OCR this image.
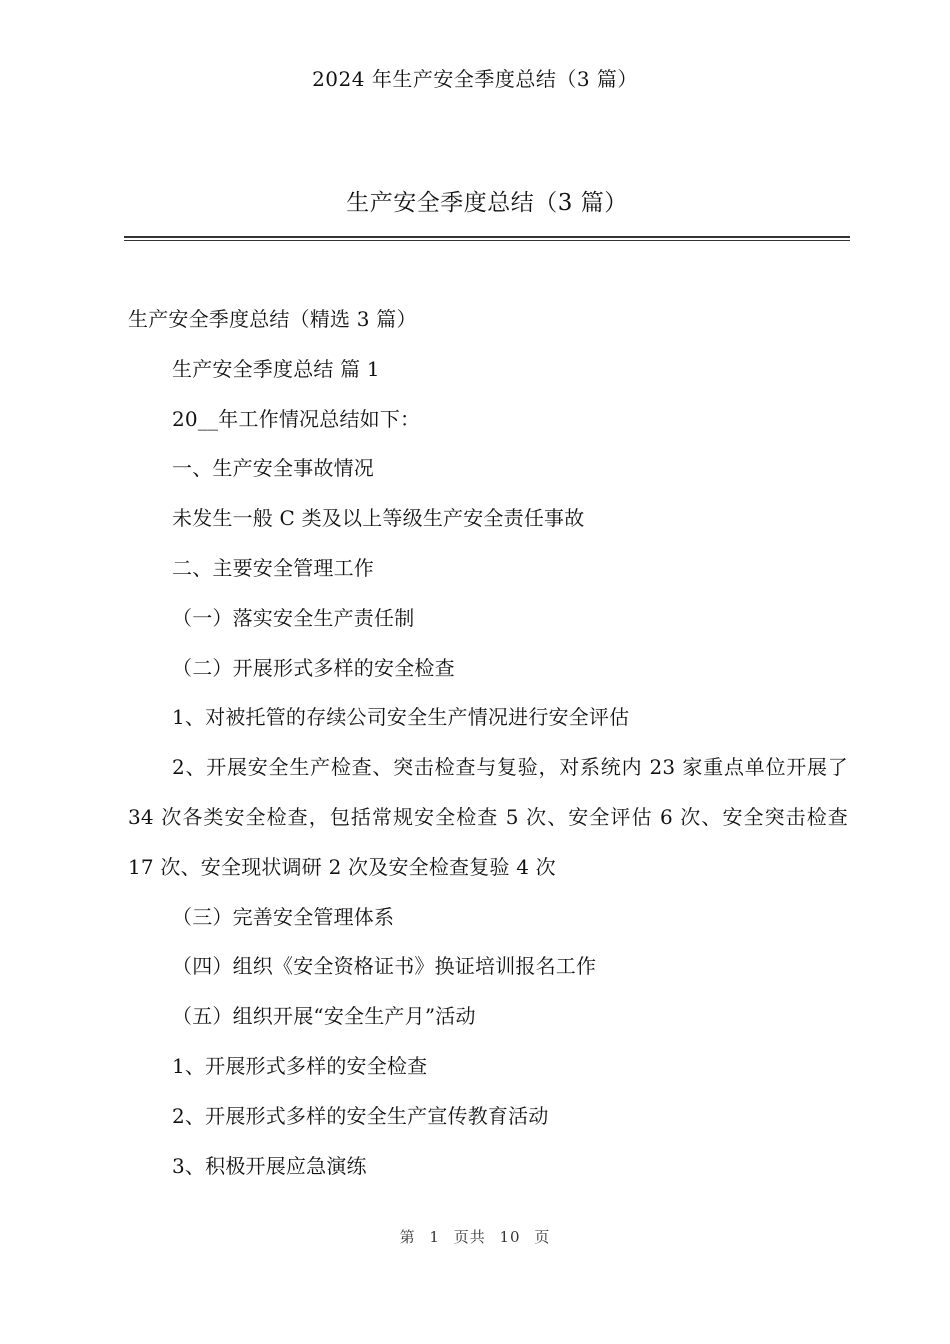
2024 年生产安全季度总结（3 篇）
生产安全季度总结（3 篇）

生产安全季度总结（精选 3 篇）

生产安全季度总结 篇 1

20__年工作情况总结如下：

一、生产安全事故情况

未发生一般 C 类及以上等级生产安全责任事故

二、主要安全管理工作

（一）落实安全生产责任制

（二）开展形式多样的安全检查

1、对被托管的存续公司安全生产情况进行安全评估

2、开展安全生产检查、突击检查与复验，对系统内 23 家重点单位开展了 34 次各类安全检查，包括常规安全检查 5 次、安全评估 6 次、安全突击检查 17 次、安全现状调研 2 次及安全检查复验 4 次

（三）完善安全管理体系

（四）组织《安全资格证书》换证培训报名工作

（五）组织开展“安全生产月”活动

1、开展形式多样的安全检查

2、开展形式多样的安全生产宣传教育活动

3、积极开展应急演练

第 1 页共 10 页
